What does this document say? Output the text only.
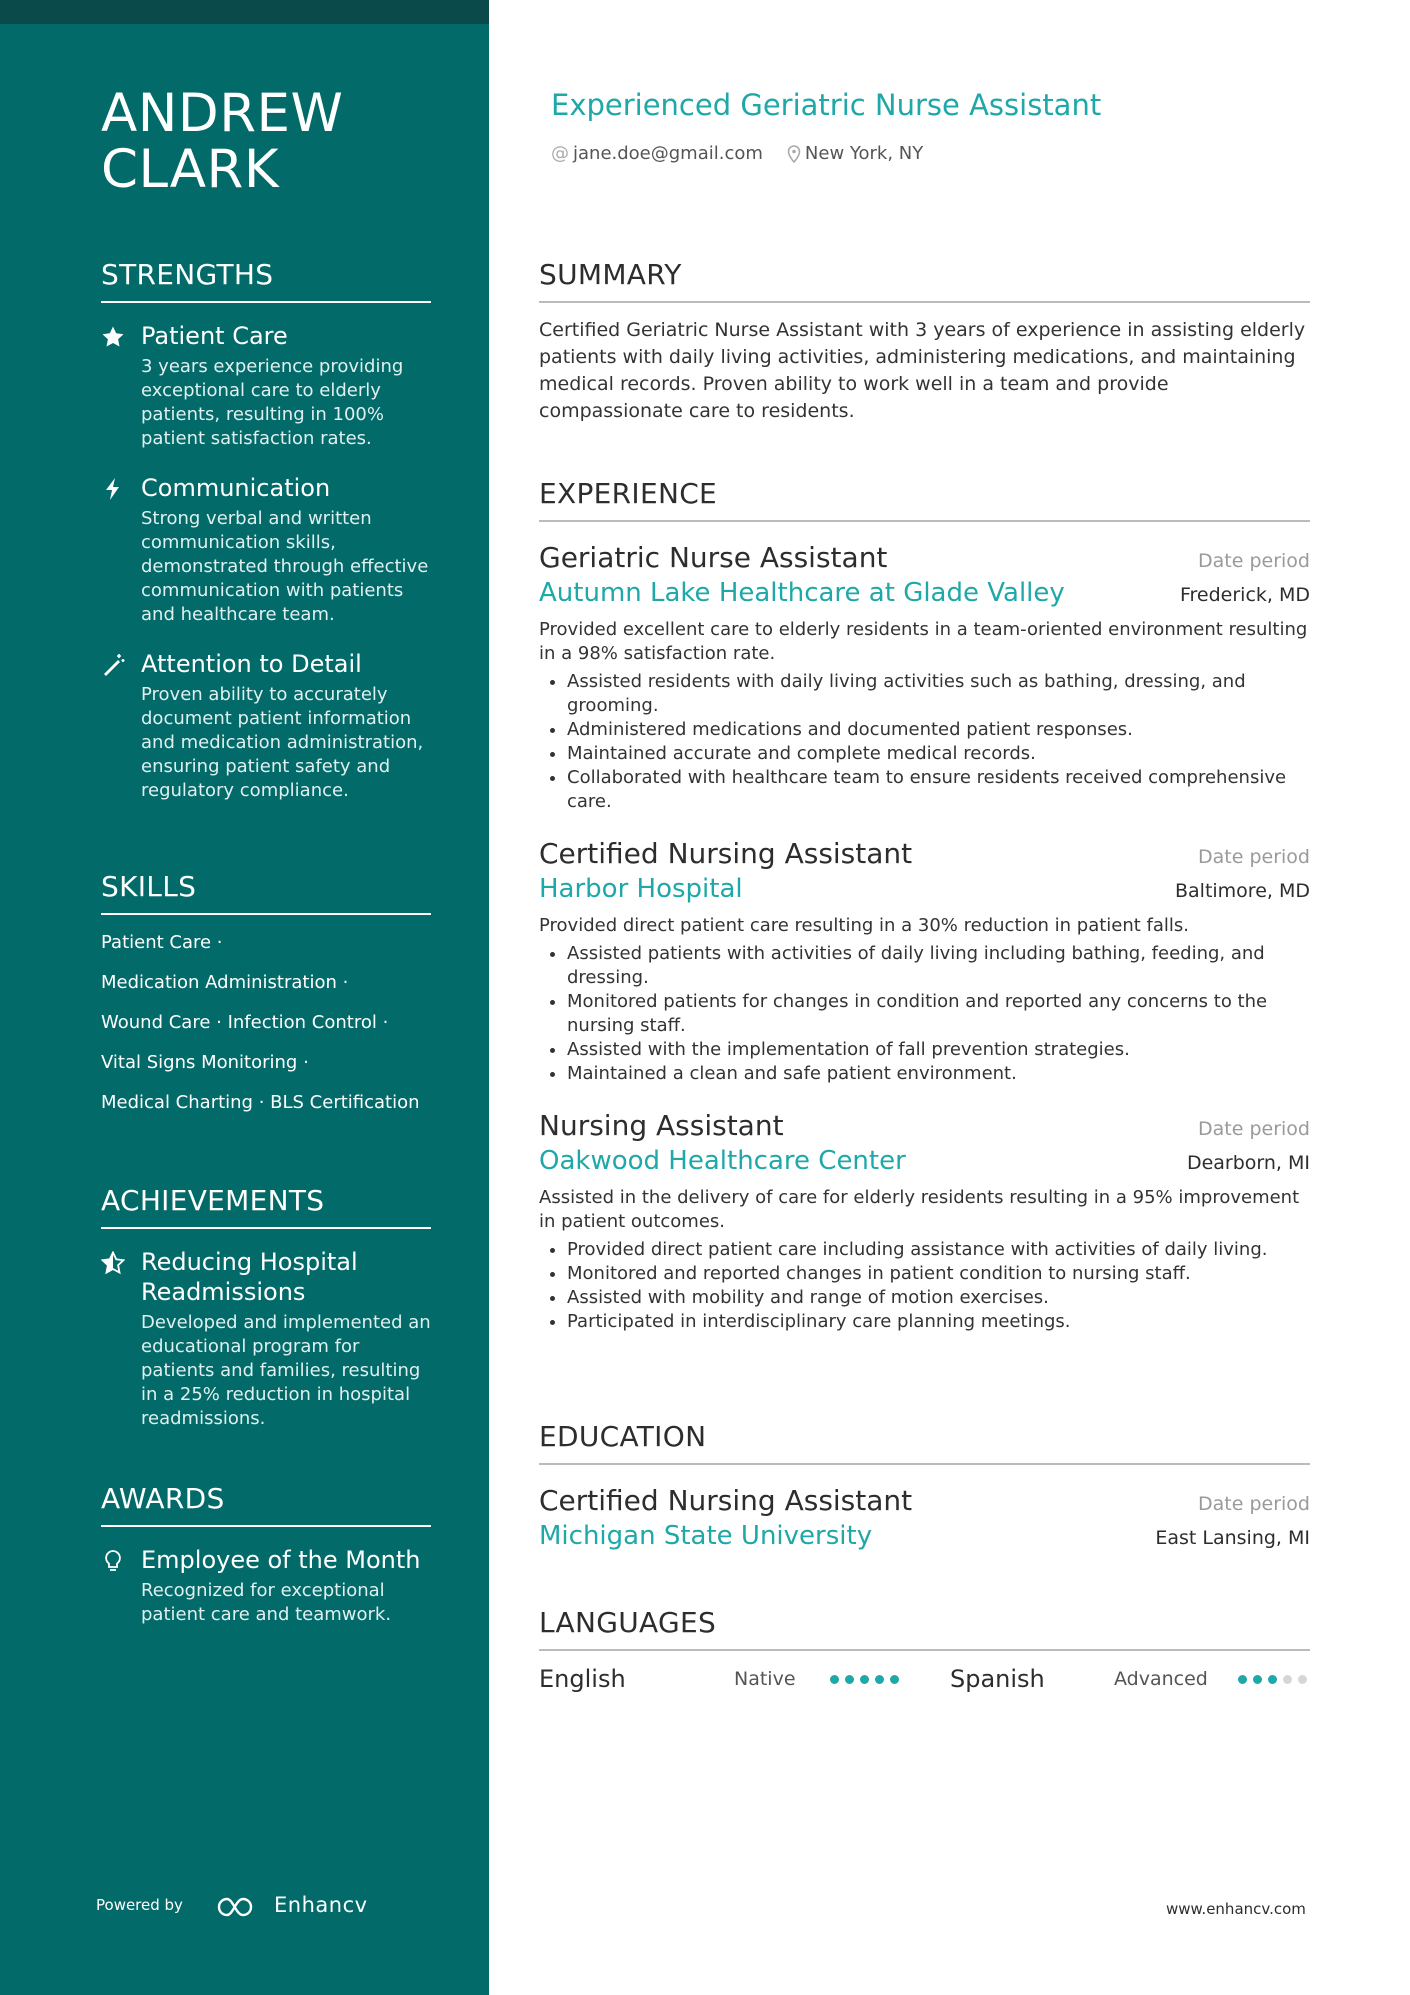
ANDREW
CLARK
STRENGTHS
Patient Care
3 years experience providing exceptional care to elderly patients, resulting in 100% patient satisfaction rates.
Communication
Strong verbal and written communication skills, demonstrated through effective communication with patients and healthcare team.
Attention to Detail
Proven ability to accurately document patient information and medication administration, ensuring patient safety and regulatory compliance.
SKILLS
Patient Care ·
Medication Administration ·
Wound Care · Infection Control ·
Vital Signs Monitoring ·
Medical Charting · BLS Certification
ACHIEVEMENTS
Reducing Hospital Readmissions
Developed and implemented an educational program for patients and families, resulting in a 25% reduction in hospital readmissions.
AWARDS
Employee of the Month
Recognized for exceptional patient care and teamwork.
Powered by	Enhancv
Experienced Geriatric Nurse Assistant
@ jane.doe@gmail.com New York, NY
SUMMARY
Certified Geriatric Nurse Assistant with 3 years of experience in assisting elderly patients with daily living activities, administering medications, and maintaining medical records. Proven ability to work well in a team and provide compassionate care to residents.
EXPERIENCE
Geriatric Nurse Assistant	Date period
Autumn Lake Healthcare at Glade Valley	Frederick, MD
Provided excellent care to elderly residents in a team-oriented environment resulting in a 98% satisfaction rate.
• Assisted residents with daily living activities such as bathing, dressing, and grooming.
• Administered medications and documented patient responses.
• Maintained accurate and complete medical records.
• Collaborated with healthcare team to ensure residents received comprehensive care.
Certified Nursing Assistant	Date period
Harbor Hospital	Baltimore, MD
Provided direct patient care resulting in a 30% reduction in patient falls.
• Assisted patients with activities of daily living including bathing, feeding, and dressing.
• Monitored patients for changes in condition and reported any concerns to the nursing staff.
• Assisted with the implementation of fall prevention strategies.
• Maintained a clean and safe patient environment.
Nursing Assistant	Date period
Oakwood Healthcare Center	Dearborn, MI
Assisted in the delivery of care for elderly residents resulting in a 95% improvement in patient outcomes.
• Provided direct patient care including assistance with activities of daily living.
• Monitored and reported changes in patient condition to nursing staff.
• Assisted with mobility and range of motion exercises.
• Participated in interdisciplinary care planning meetings.
EDUCATION
Certified Nursing Assistant	Date period
Michigan State University	East Lansing, MI
LANGUAGES
English	Native	Spanish	Advanced
www.enhancv.com
